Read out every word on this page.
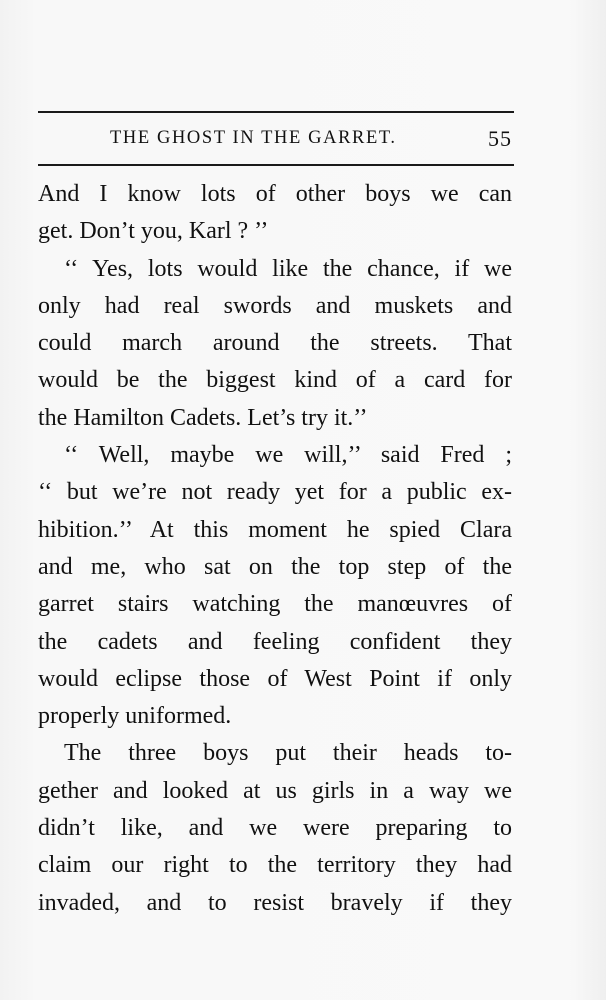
THE GHOST IN THE GARRET.	55
And I know lots of other boys we can
get. Don’t you, Karl ? ’’
‘‘ Yes, lots would like the chance, if we
only had real swords and muskets and
could march around the streets. That
would be the biggest kind of a card for
the Hamilton Cadets. Let’s try it.’’
‘‘ Well, maybe we will,’’ said Fred ;
‘‘ but we’re not ready yet for a public ex-
hibition.’’ At this moment he spied Clara
and me, who sat on the top step of the
garret stairs watching the manœuvres of
the cadets and feeling confident they
would eclipse those of West Point if only
properly uniformed.
The three boys put their heads to-
gether and looked at us girls in a way we
didn’t like, and we were preparing to
claim our right to the territory they had
invaded, and to resist bravely if they
